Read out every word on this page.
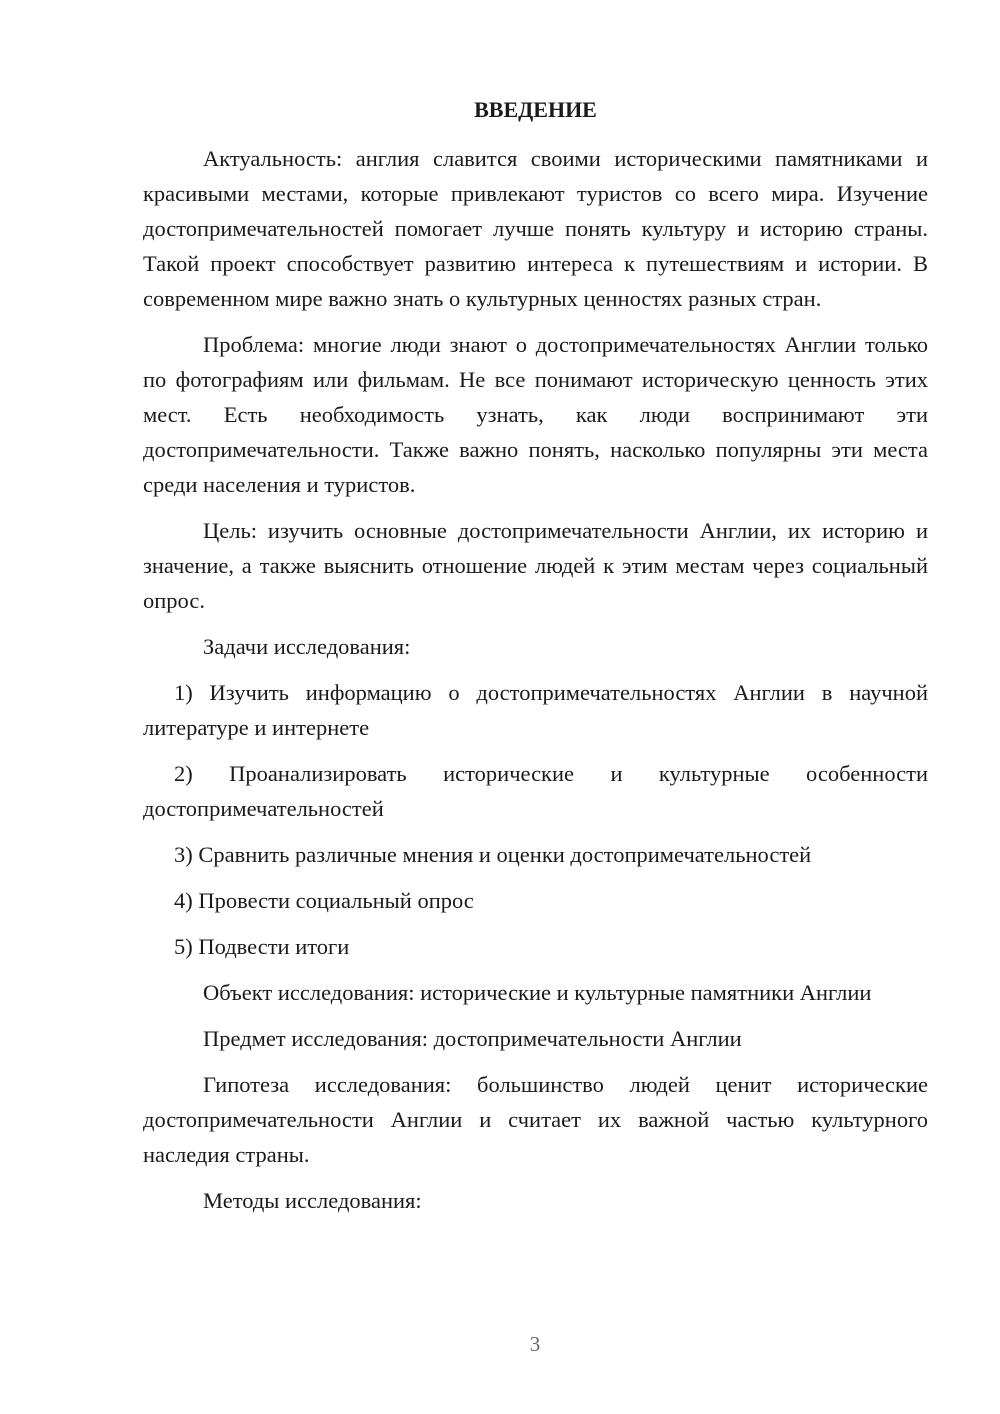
ВВЕДЕНИЕ

Актуальность: англия славится своими историческими памятниками и красивыми местами, которые привлекают туристов со всего мира. Изучение достопримечательностей помогает лучше понять культуру и историю страны. Такой проект способствует развитию интереса к путешествиям и истории. В современном мире важно знать о культурных ценностях разных стран.

Проблема: многие люди знают о достопримечательностях Англии только по фотографиям или фильмам. Не все понимают историческую ценность этих мест. Есть необходимость узнать, как люди воспринимают эти достопримечательности. Также важно понять, насколько популярны эти места среди населения и туристов.

Цель: изучить основные достопримечательности Англии, их историю и значение, а также выяснить отношение людей к этим местам через социальный опрос.

Задачи исследования:

1) Изучить информацию о достопримечательностях Англии в научной литературе и интернете

2) Проанализировать исторические и культурные особенности достопримечательностей

3) Сравнить различные мнения и оценки достопримечательностей

4) Провести социальный опрос

5) Подвести итоги

Объект исследования: исторические и культурные памятники Англии

Предмет исследования: достопримечательности Англии

Гипотеза исследования: большинство людей ценит исторические достопримечательности Англии и считает их важной частью культурного наследия страны.

Методы исследования:

3
